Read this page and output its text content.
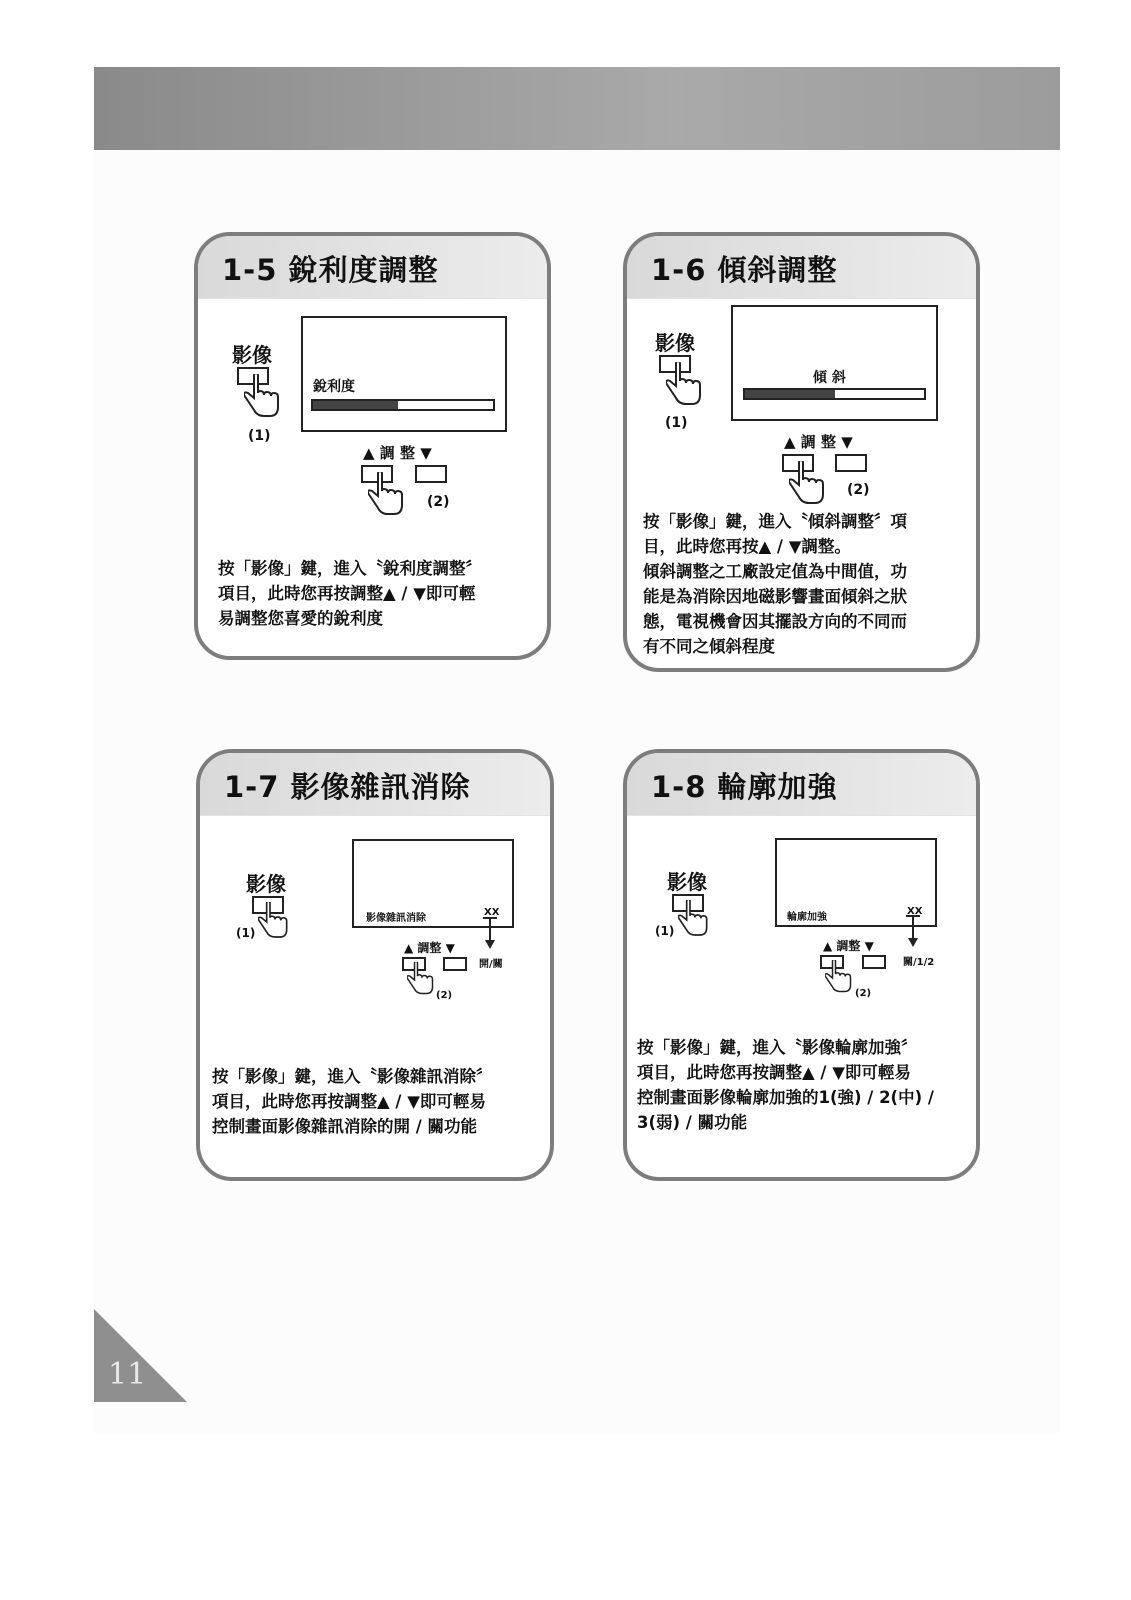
1-5 銳利度調整
影像
(1)
銳利度
▲ 調 整 ▼
(2)
按「影像」鍵，進入〝銳利度調整〞
項目，此時您再按調整▲ / ▼即可輕
易調整您喜愛的銳利度
1-6 傾斜調整
影像
(1)
傾 斜
▲ 調 整 ▼
(2)
按「影像」鍵，進入〝傾斜調整〞項
目，此時您再按▲ / ▼調整。
傾斜調整之工廠設定值為中間值，功
能是為消除因地磁影響畫面傾斜之狀
態，電視機會因其擺設方向的不同而
有不同之傾斜程度
1-7 影像雜訊消除
影像
(1)
影像雜訊消除
XX
開/關
▲ 調整 ▼
(2)
按「影像」鍵，進入〝影像雜訊消除〞
項目，此時您再按調整▲ / ▼即可輕易
控制畫面影像雜訊消除的開 / 關功能
1-8 輪廓加強
影像
(1)
輪廓加強
XX
關/1/2
▲ 調整 ▼
(2)
按「影像」鍵，進入〝影像輪廓加強〞
項目，此時您再按調整▲ / ▼即可輕易
控制畫面影像輪廓加強的1(強) / 2(中) /
3(弱) / 關功能
11
